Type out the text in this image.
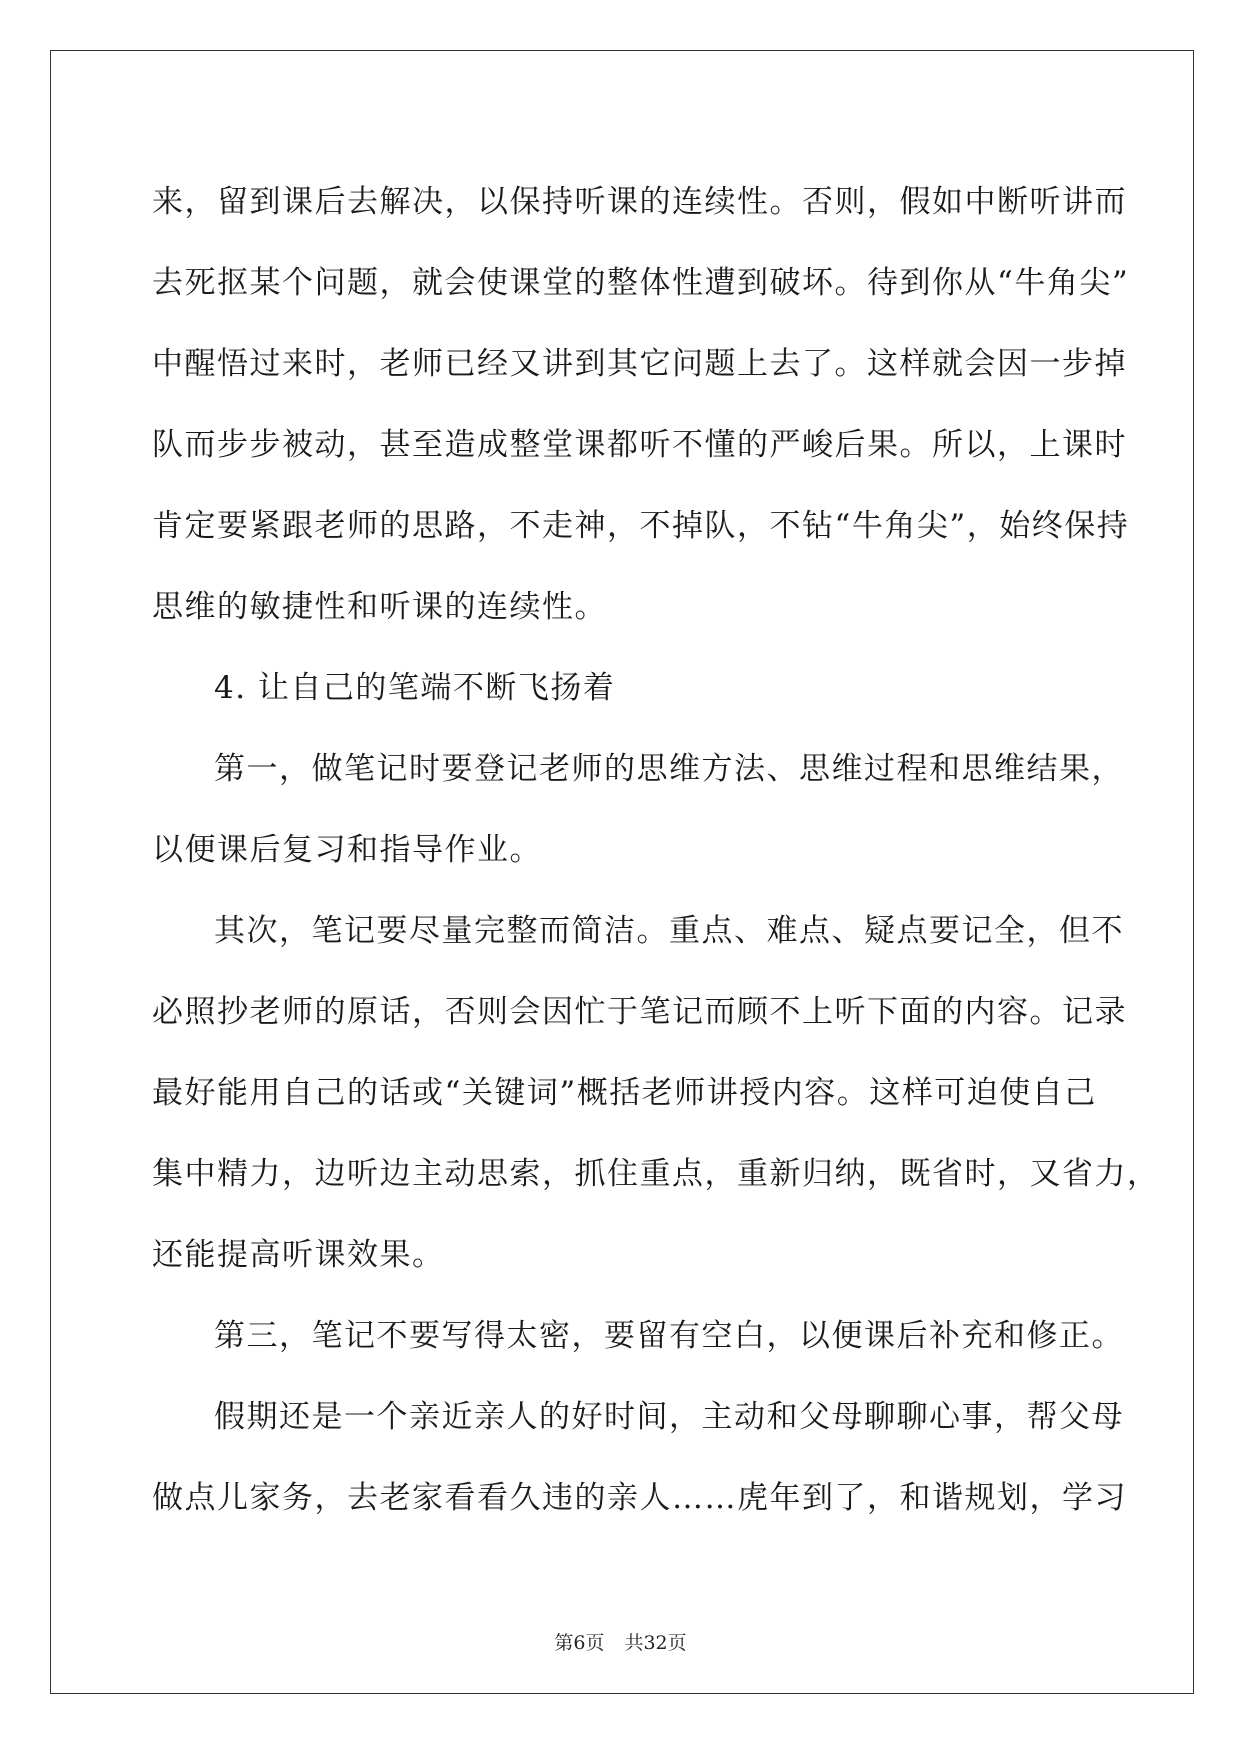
来，留到课后去解决，以保持听课的连续性。否则，假如中断听讲而

去死抠某个问题，就会使课堂的整体性遭到破坏。待到你从“牛角尖”

中醒悟过来时，老师已经又讲到其它问题上去了。这样就会因一步掉

队而步步被动，甚至造成整堂课都听不懂的严峻后果。所以，上课时

肯定要紧跟老师的思路，不走神，不掉队，不钻“牛角尖”，始终保持

思维的敏捷性和听课的连续性。

4. 让自己的笔端不断飞扬着

第一，做笔记时要登记老师的思维方法、思维过程和思维结果，

以便课后复习和指导作业。

其次，笔记要尽量完整而简洁。重点、难点、疑点要记全，但不

必照抄老师的原话，否则会因忙于笔记而顾不上听下面的内容。记录

最好能用自己的话或“关键词”概括老师讲授内容。这样可迫使自己

集中精力，边听边主动思索，抓住重点，重新归纳，既省时，又省力，

还能提高听课效果。

第三，笔记不要写得太密，要留有空白，以便课后补充和修正。

假期还是一个亲近亲人的好时间，主动和父母聊聊心事，帮父母

做点儿家务，去老家看看久违的亲人……虎年到了，和谐规划，学习

第6页 共32页
